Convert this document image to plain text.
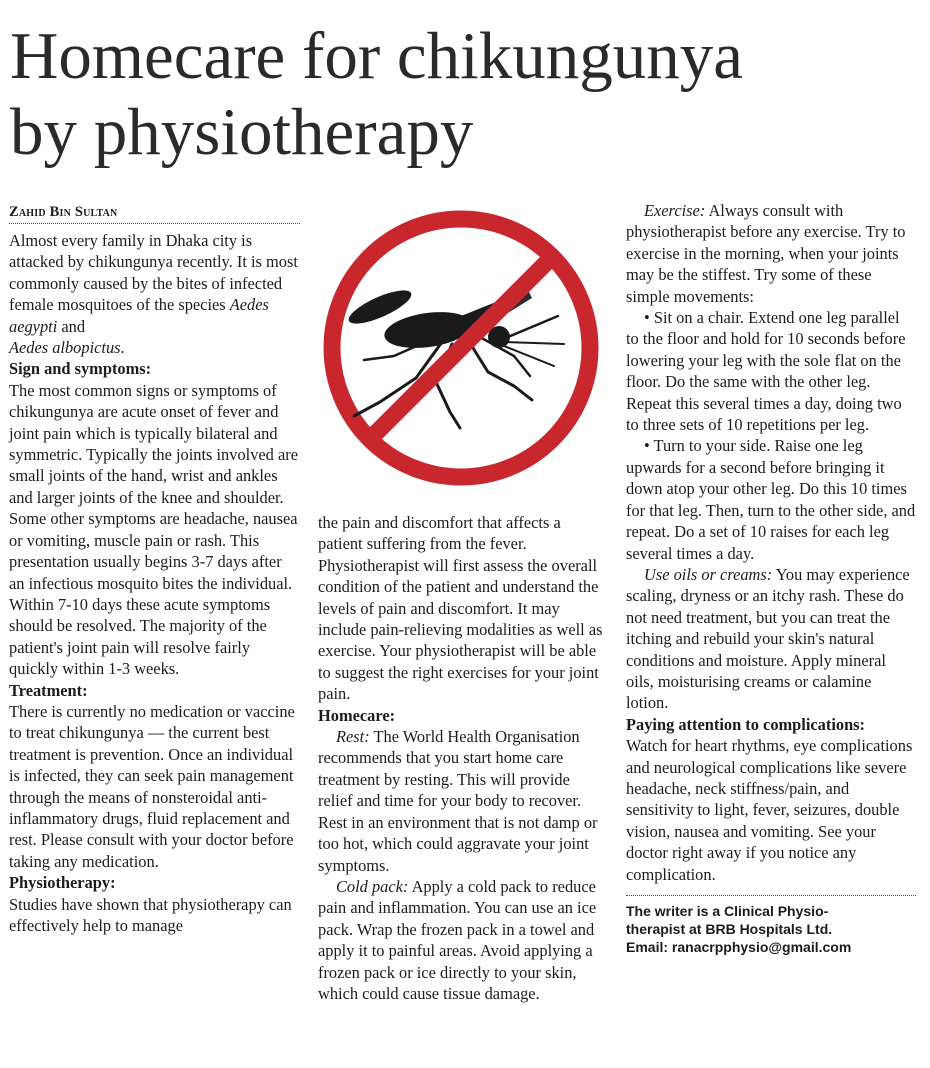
Homecare for chikungunya
by physiotherapy
Zahid Bin Sultan

Almost every family in Dhaka city is attacked by chikungunya recently. It is most commonly caused by the bites of infected female mosquitoes of the species Aedes aegypti and
Aedes albopictus.

Sign and symptoms:

The most common signs or symptoms of chikungunya are acute onset of fever and joint pain which is typically bilateral and symmetric. Typically the joints involved are small joints of the hand, wrist and ankles and larger joints of the knee and shoulder. Some other symptoms are headache, nausea or vomiting, muscle pain or rash. This presentation usually begins 3-7 days after an infectious mosquito bites the individual. Within 7-10 days these acute symptoms should be resolved. The majority of the patient's joint pain will resolve fairly quickly within 1-3 weeks.

Treatment:

There is currently no medication or vaccine to treat chikungunya — the current best treatment is prevention. Once an individual is infected, they can seek pain management through the means of nonsteroidal anti-inflammatory drugs, fluid replacement and rest. Please consult with your doctor before taking any medication.

Physiotherapy:

Studies have shown that physiotherapy can effectively help to manage

the pain and discomfort that affects a patient suffering from the fever. Physiotherapist will first assess the overall condition of the patient and understand the levels of pain and discomfort. It may include pain-relieving modalities as well as exercise. Your physiotherapist will be able to suggest the right exercises for your joint pain.

Homecare:

Rest: The World Health Organisation recommends that you start home care treatment by resting. This will provide relief and time for your body to recover. Rest in an environment that is not damp or too hot, which could aggravate your joint symptoms.

Cold pack: Apply a cold pack to reduce pain and inflammation. You can use an ice pack. Wrap the frozen pack in a towel and apply it to painful areas. Avoid applying a frozen pack or ice directly to your skin, which could cause tissue damage.

Exercise: Always consult with physiotherapist before any exercise. Try to exercise in the morning, when your joints may be the stiffest. Try some of these simple movements:

• Sit on a chair. Extend one leg parallel to the floor and hold for 10 seconds before lowering your leg with the sole flat on the floor. Do the same with the other leg. Repeat this several times a day, doing two to three sets of 10 repetitions per leg.

• Turn to your side. Raise one leg upwards for a second before bringing it down atop your other leg. Do this 10 times for that leg. Then, turn to the other side, and repeat. Do a set of 10 raises for each leg several times a day.

Use oils or creams: You may experience scaling, dryness or an itchy rash. These do not need treatment, but you can treat the itching and rebuild your skin's natural conditions and moisture. Apply mineral oils, moisturising creams or calamine lotion.

Paying attention to complications:

Watch for heart rhythms, eye complications and neurological complications like severe headache, neck stiffness/pain, and sensitivity to light, fever, seizures, double vision, nausea and vomiting. See your doctor right away if you notice any complication.

The writer is a Clinical Physio-
therapist at BRB Hospitals Ltd.
Email: ranacrpphysio@gmail.com
